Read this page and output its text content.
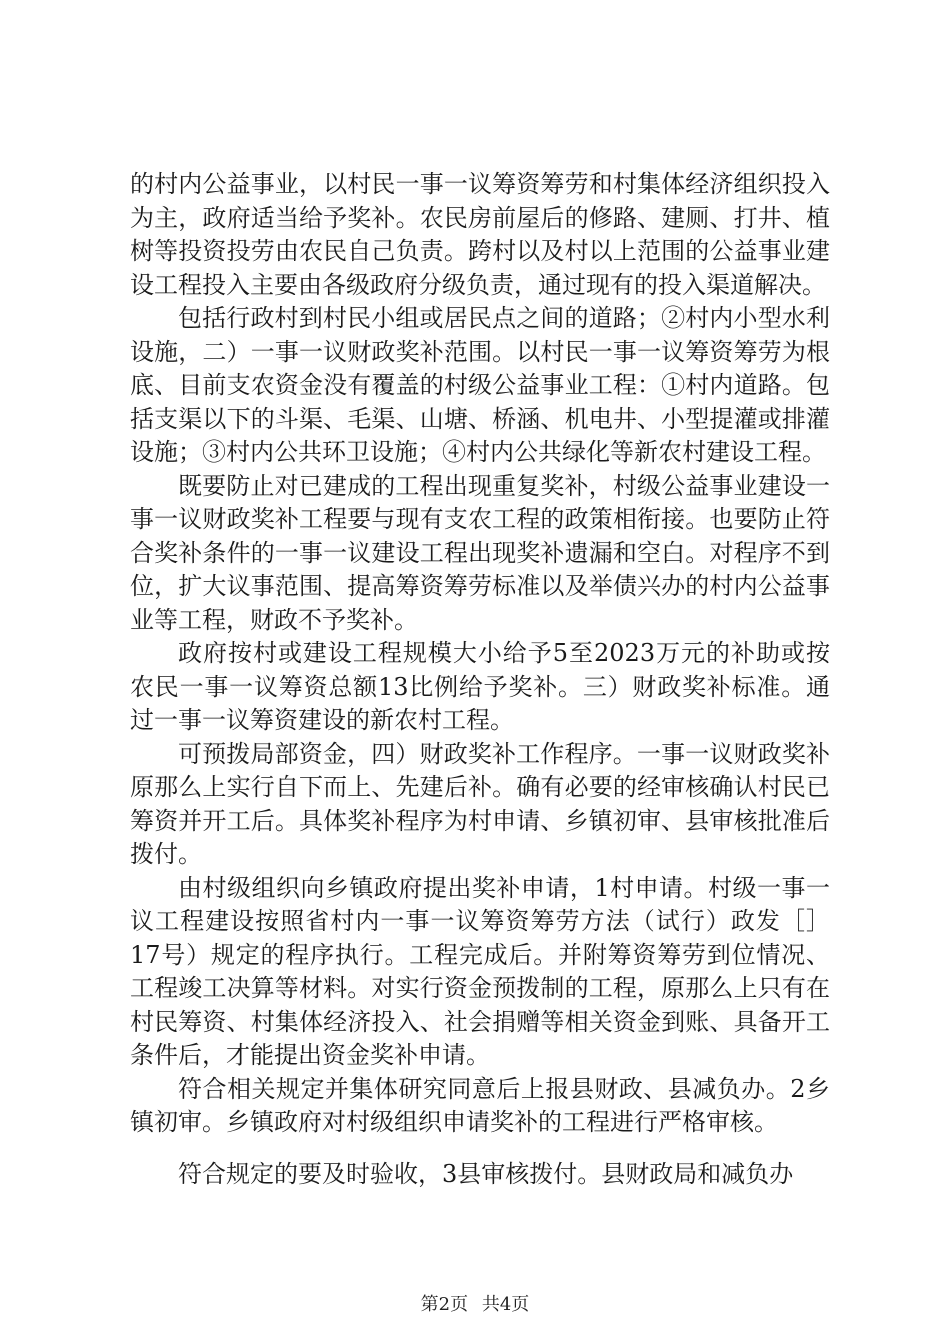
的村内公益事业，以村民一事一议筹资筹劳和村集体经济组织投入为主，政府适当给予奖补。农民房前屋后的修路、建厕、打井、植树等投资投劳由农民自己负责。跨村以及村以上范围的公益事业建设工程投入主要由各级政府分级负责，通过现有的投入渠道解决。

包括行政村到村民小组或居民点之间的道路；②村内小型水利设施，二）一事一议财政奖补范围。以村民一事一议筹资筹劳为根底、目前支农资金没有覆盖的村级公益事业工程：①村内道路。包括支渠以下的斗渠、毛渠、山塘、桥涵、机电井、小型提灌或排灌设施；③村内公共环卫设施；④村内公共绿化等新农村建设工程。

既要防止对已建成的工程出现重复奖补，村级公益事业建设一事一议财政奖补工程要与现有支农工程的政策相衔接。也要防止符合奖补条件的一事一议建设工程出现奖补遗漏和空白。对程序不到位，扩大议事范围、提高筹资筹劳标准以及举债兴办的村内公益事业等工程，财政不予奖补。

政府按村或建设工程规模大小给予5至2023万元的补助或按农民一事一议筹资总额13比例给予奖补。三）财政奖补标准。通过一事一议筹资建设的新农村工程。

可预拨局部资金，四）财政奖补工作程序。一事一议财政奖补原那么上实行自下而上、先建后补。确有必要的经审核确认村民已筹资并开工后。具体奖补程序为村申请、乡镇初审、县审核批准后拨付。

由村级组织向乡镇政府提出奖补申请，1村申请。村级一事一议工程建设按照省村内一事一议筹资筹劳方法（试行）政发［］17号）规定的程序执行。工程完成后。并附筹资筹劳到位情况、工程竣工决算等材料。对实行资金预拨制的工程，原那么上只有在村民筹资、村集体经济投入、社会捐赠等相关资金到账、具备开工条件后，才能提出资金奖补申请。

符合相关规定并集体研究同意后上报县财政、县减负办。2乡镇初审。乡镇政府对村级组织申请奖补的工程进行严格审核。

符合规定的要及时验收，3县审核拨付。县财政局和减负办

第2页 共4页
